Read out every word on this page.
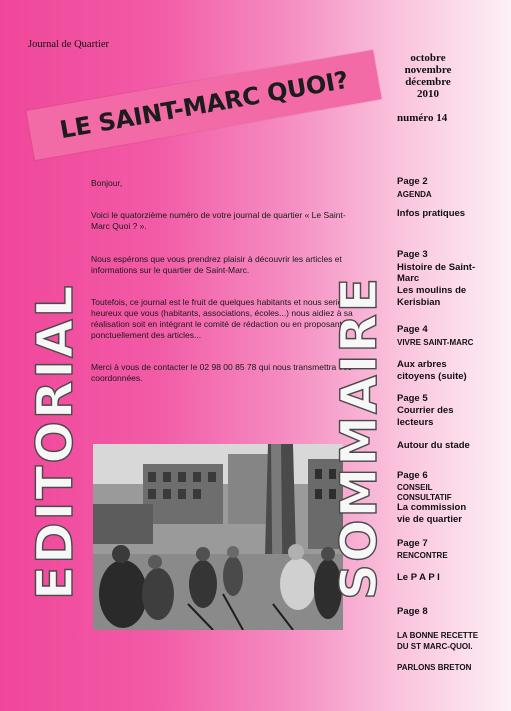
Journal de Quartier
LE SAINT-MARC QUOI?
octobre
novembre
décembre
2010
numéro 14
EDITORIAL

Bonjour,

Voici le quatorzième numéro de votre journal de quartier « Le Saint-Marc Quoi ? ».

Nous espérons que vous prendrez plaisir à découvrir les articles et informations sur le quartier de Saint-Marc.

Toutefois, ce journal est le fruit de quelques habitants et nous serions heureux que vous (habitants, associations, écoles...) nous aidiez à sa réalisation soit en intégrant le comité de rédaction ou en proposant ponctuellement des articles...

Merci à vous de contacter le 02 98 00 85 78 qui nous transmettra vos coordonnées.	SOMMAIRE
Page 2
AGENDA
Infos pratiques
Page 3
Histoire de Saint-
Marc
Les moulins de
Kerisbian
Page 4
VIVRE SAINT-MARC
Aux arbres
citoyens (suite)
Page 5
Courrier des
lecteurs
Autour du stade
Page 6
CONSEIL
CONSULTATIF
La commission
vie de quartier
Page 7
RENCONTRE
Le P A P I
Page 8
LA BONNE RECETTE
DU ST MARC-QUOI.
PARLONS BRETON
